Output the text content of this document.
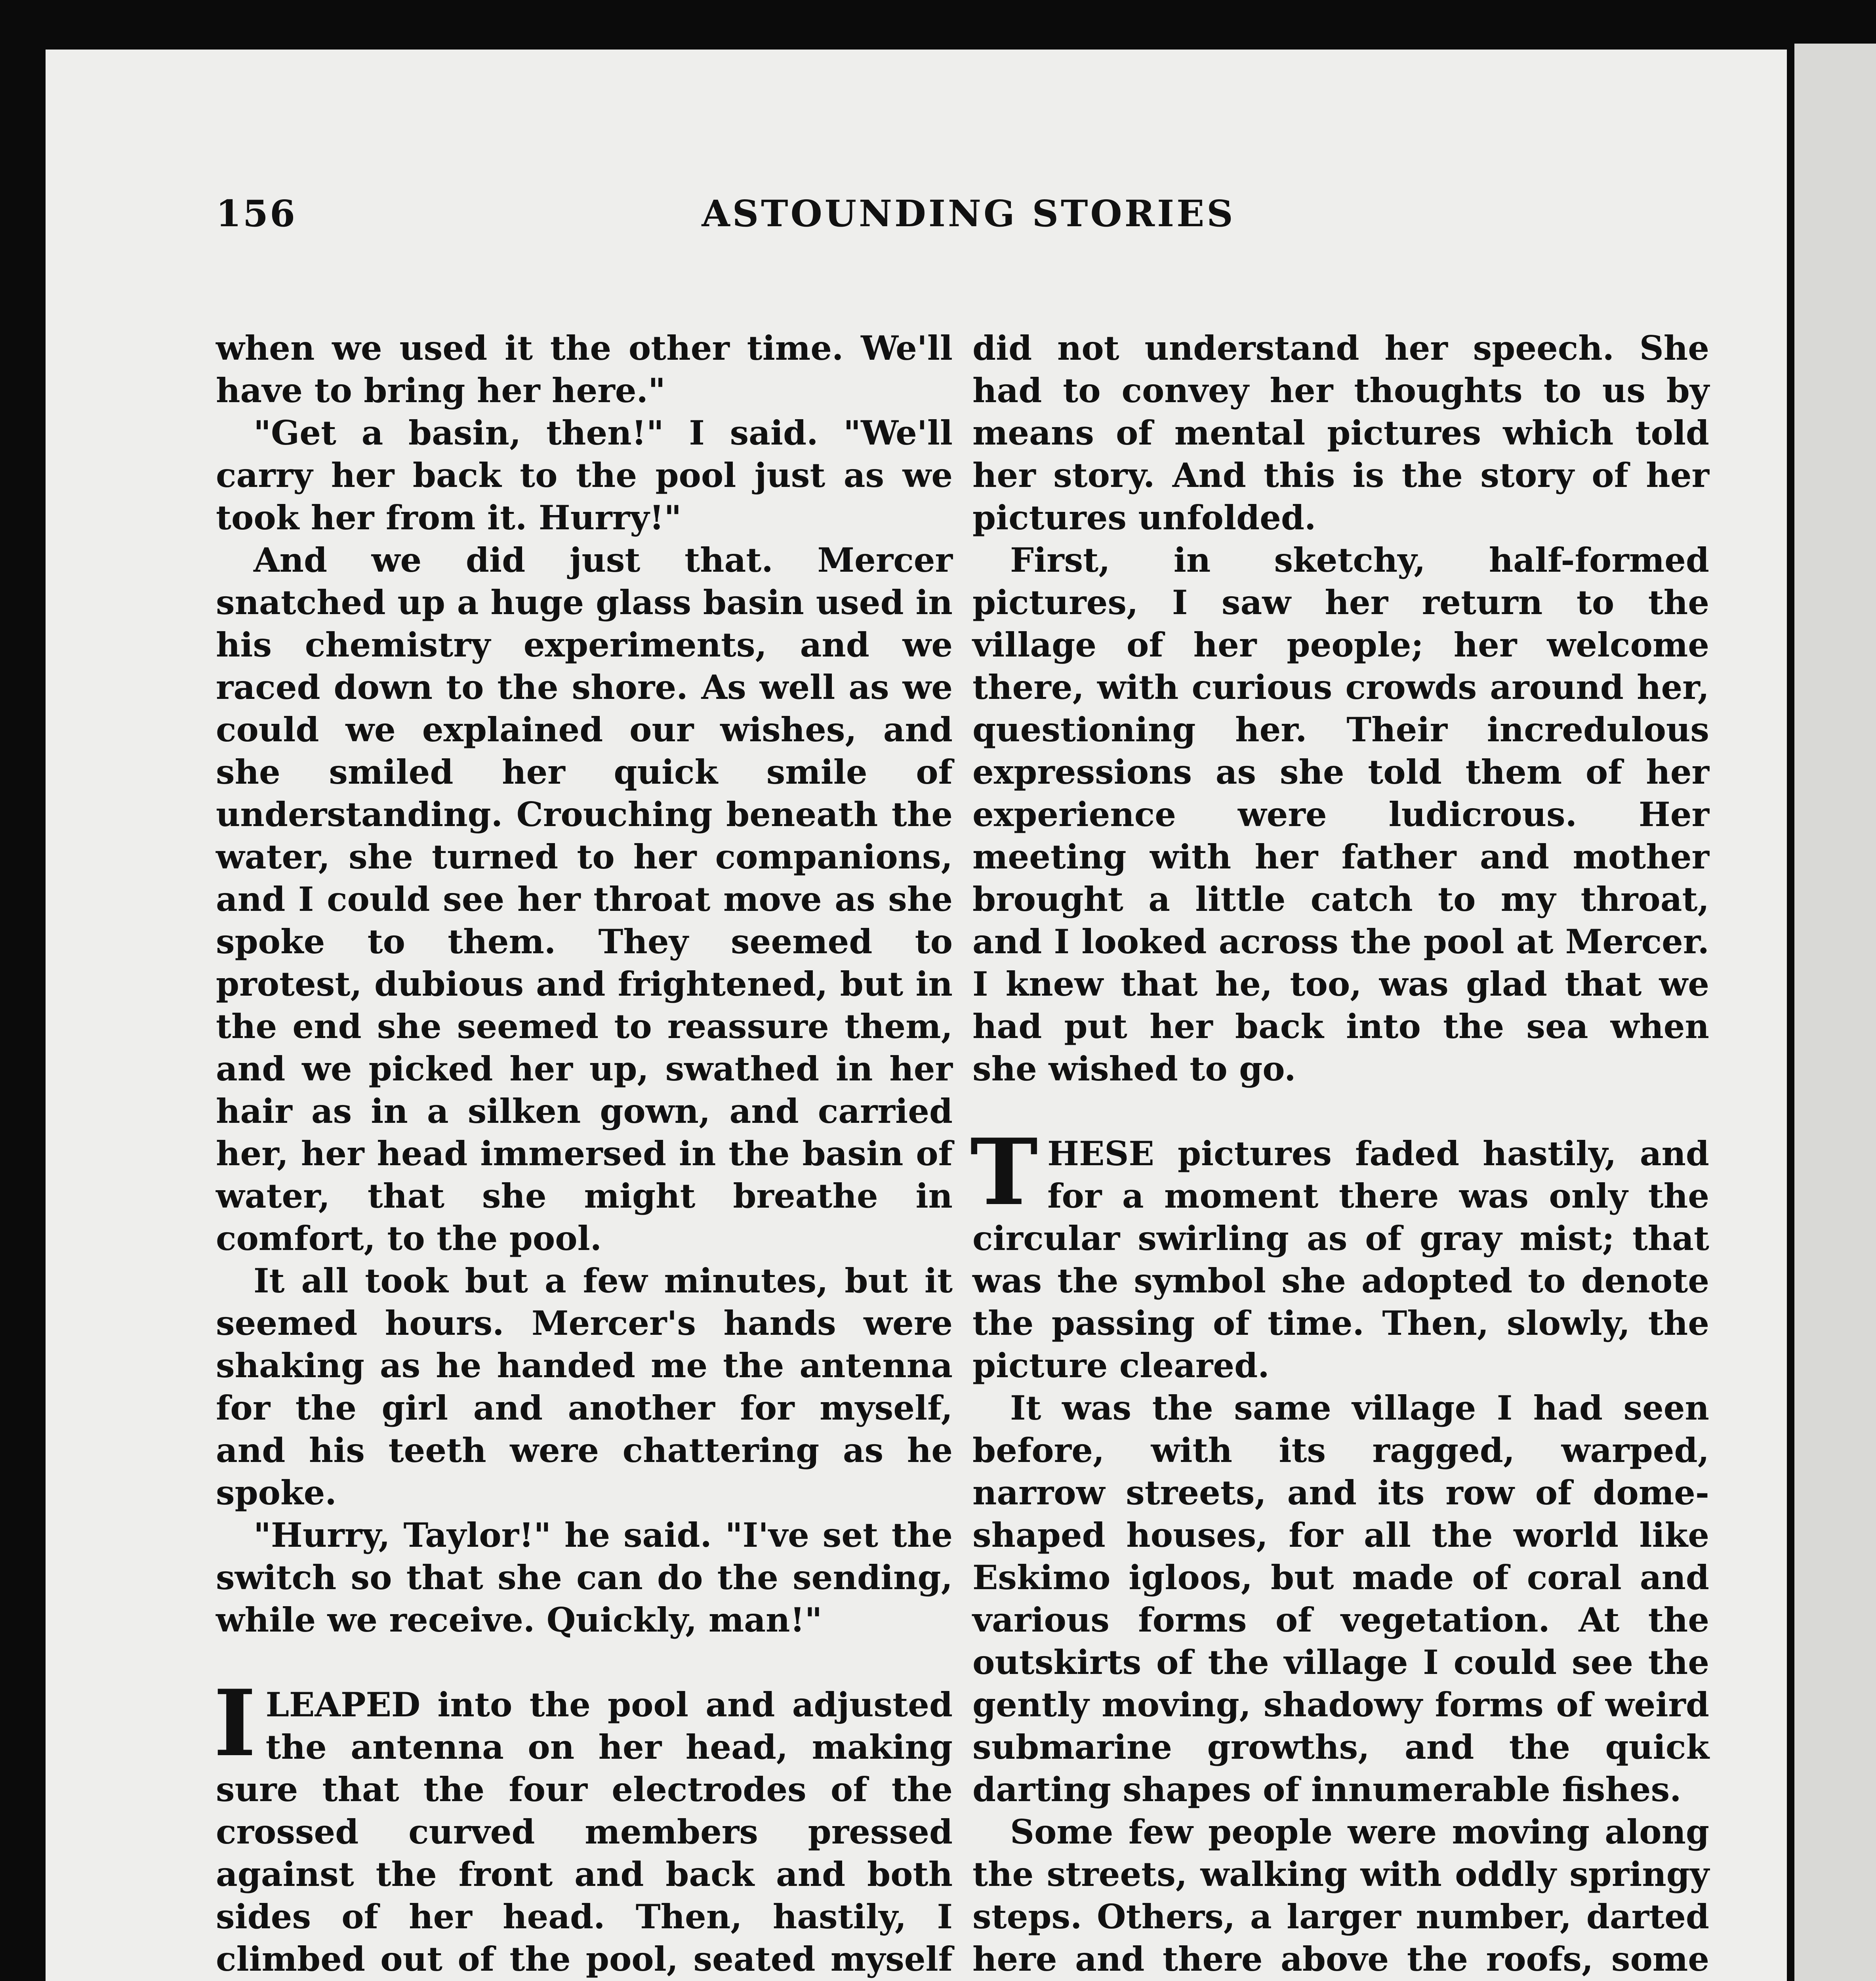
156	ASTOUNDING STORIES

when we used it the other time. We'll have to bring her here."

"Get a basin, then!" I said. "We'll carry her back to the pool just as we took her from it. Hurry!"

And we did just that. Mercer snatched up a huge glass basin used in his chemistry experiments, and we raced down to the shore. As well as we could we explained our wishes, and she smiled her quick smile of understanding. Crouching beneath the water, she turned to her companions, and I could see her throat move as she spoke to them. They seemed to protest, dubious and frightened, but in the end she seemed to reassure them, and we picked her up, swathed in her hair as in a silken gown, and carried her, her head immersed in the basin of water, that she might breathe in comfort, to the pool.

It all took but a few minutes, but it seemed hours. Mercer's hands were shaking as he handed me the antenna for the girl and another for myself, and his teeth were chattering as he spoke.

"Hurry, Taylor!" he said. "I've set the switch so that she can do the sending, while we receive. Quickly, man!"

ILEAPED into the pool and adjusted the antenna on her head, making sure that the four electrodes of the crossed curved members pressed against the front and back and both sides of her head. Then, hastily, I climbed out of the pool, seated myself

did not understand her speech. She had to convey her thoughts to us by means of mental pictures which told her story. And this is the story of her pictures unfolded.

First, in sketchy, half-formed pictures, I saw her return to the village of her people; her welcome there, with curious crowds around her, questioning her. Their incredulous expressions as she told them of her experience were ludicrous. Her meeting with her father and mother brought a little catch to my throat, and I looked across the pool at Mercer. I knew that he, too, was glad that we had put her back into the sea when she wished to go.

THESE pictures faded hastily, and for a moment there was only the circular swirling as of gray mist; that was the symbol she adopted to denote the passing of time. Then, slowly, the picture cleared.

It was the same village I had seen before, with its ragged, warped, narrow streets, and its row of dome-shaped houses, for all the world like Eskimo igloos, but made of coral and various forms of vegetation. At the outskirts of the village I could see the gently moving, shadowy forms of weird submarine growths, and the quick darting shapes of innumerable fishes.

Some few people were moving along the streets, walking with oddly springy steps. Others, a larger number, darted here and there above the roofs, some
